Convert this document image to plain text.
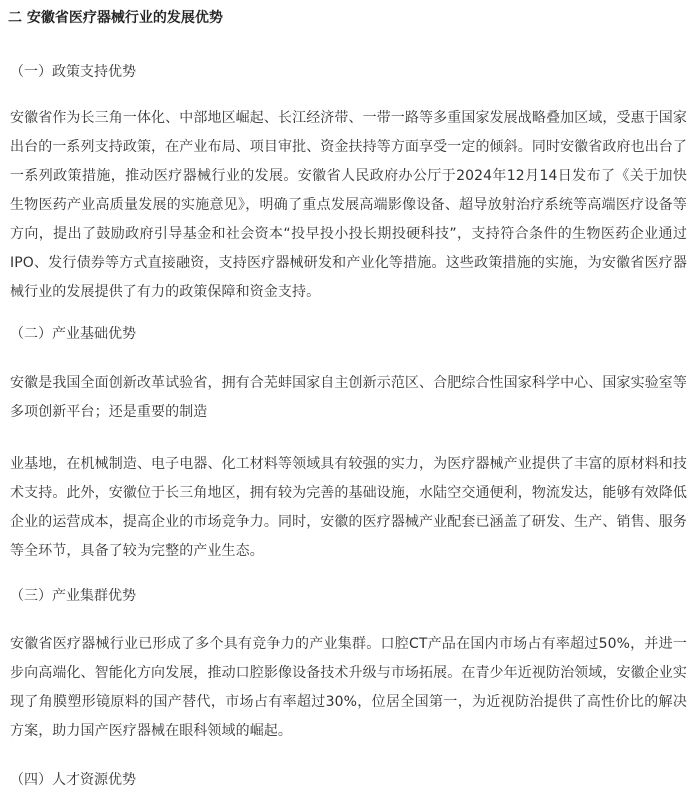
二 安徽省医疗器械行业的发展优势
（一）政策支持优势
安徽省作为长三角一体化、中部地区崛起、长江经济带、一带一路等多重国家发展战略叠加区域，受惠于国家出台的一系列支持政策，在产业布局、项目审批、资金扶持等方面享受一定的倾斜。同时安徽省政府也出台了一系列政策措施，推动医疗器械行业的发展。安徽省人民政府办公厅于2024年12月14日发布了《关于加快生物医药产业高质量发展的实施意见》，明确了重点发展高端影像设备、超导放射治疗系统等高端医疗设备等方向，提出了鼓励政府引导基金和社会资本“投早投小投长期投硬科技”，支持符合条件的生物医药企业通过IPO、发行债券等方式直接融资，支持医疗器械研发和产业化等措施。这些政策措施的实施，为安徽省医疗器械行业的发展提供了有力的政策保障和资金支持。
（二）产业基础优势
安徽是我国全面创新改革试验省，拥有合芜蚌国家自主创新示范区、合肥综合性国家科学中心、国家实验室等多项创新平台；还是重要的制造
业基地，在机械制造、电子电器、化工材料等领域具有较强的实力，为医疗器械产业提供了丰富的原材料和技术支持。此外，安徽位于长三角地区，拥有较为完善的基础设施，水陆空交通便利，物流发达，能够有效降低企业的运营成本，提高企业的市场竞争力。同时，安徽的医疗器械产业配套已涵盖了研发、生产、销售、服务等全环节，具备了较为完整的产业生态。
（三）产业集群优势
安徽省医疗器械行业已形成了多个具有竞争力的产业集群。口腔CT产品在国内市场占有率超过50%，并进一步向高端化、智能化方向发展，推动口腔影像设备技术升级与市场拓展。在青少年近视防治领域，安徽企业实现了角膜塑形镜原料的国产替代，市场占有率超过30%，位居全国第一，为近视防治提供了高性价比的解决方案，助力国产医疗器械在眼科领域的崛起。
（四）人才资源优势
